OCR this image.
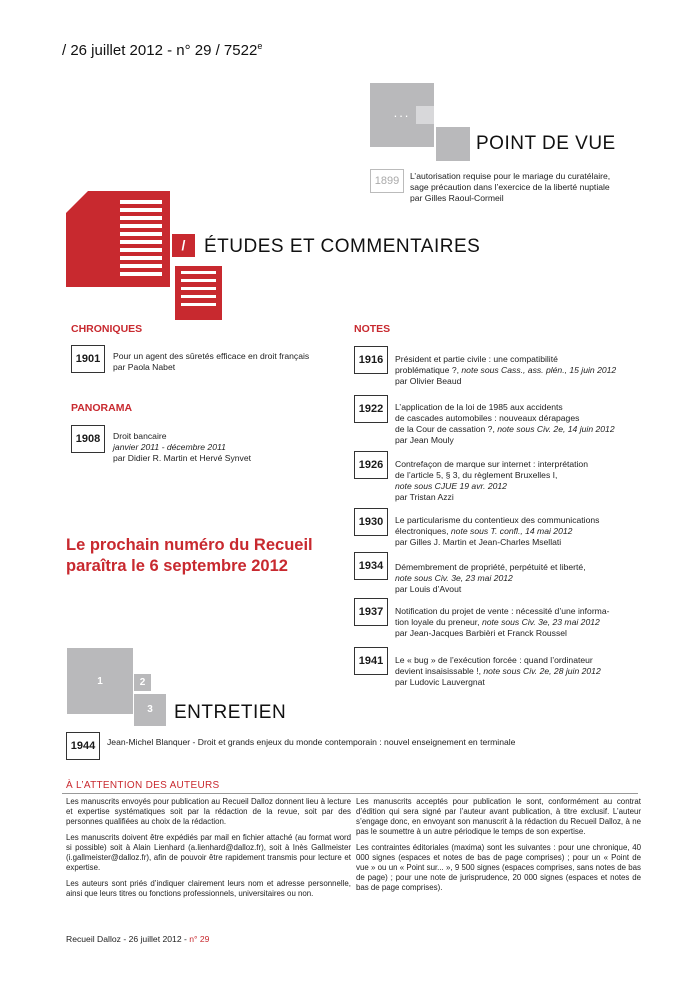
/ 26 juillet 2012 - n° 29 / 7522e
...
POINT DE VUE
1899	L’autorisation requise pour le mariage du curatélaire,
sage précaution dans l’exercice de la liberté nuptiale
par Gilles Raoul-Cormeil
/ ÉTUDES ET COMMENTAIRES
CHRONIQUES
1901	Pour un agent des sûretés efficace en droit français
par Paola Nabet
PANORAMA
1908	Droit bancaire
janvier 2011 - décembre 2011
par Didier R. Martin et Hervé Synvet
Le prochain numéro du Recueil
paraîtra le 6 septembre 2012
NOTES
1916	Président et partie civile : une compatibilité
problématique ?, note sous Cass., ass. plén., 15 juin 2012
par Olivier Beaud
1922	L’application de la loi de 1985 aux accidents
de cascades automobiles : nouveaux dérapages
de la Cour de cassation ?, note sous Civ. 2e, 14 juin 2012
par Jean Mouly
1926	Contrefaçon de marque sur internet : interprétation
de l’article 5, § 3, du règlement Bruxelles I,
note sous CJUE 19 avr. 2012
par Tristan Azzi
1930	Le particularisme du contentieux des communications
électroniques, note sous T. confl., 14 mai 2012
par Gilles J. Martin et Jean-Charles Msellati
1934	Démembrement de propriété, perpétuité et liberté,
note sous Civ. 3e, 23 mai 2012
par Louis d’Avout
1937	Notification du projet de vente : nécessité d’une informa-
tion loyale du preneur, note sous Civ. 3e, 23 mai 2012
par Jean-Jacques Barbièri et Franck Roussel
1941	Le « bug » de l’exécution forcée : quand l’ordinateur
devient insaisissable !, note sous Civ. 2e, 28 juin 2012
par Ludovic Lauvergnat
1	2
3	ENTRETIEN
1944	Jean-Michel Blanquer - Droit et grands enjeux du monde contemporain : nouvel enseignement en terminale
À L’ATTENTION DES AUTEURS

Les manuscrits envoyés pour publication au Recueil Dalloz donnent lieu à lecture et expertise systématiques soit par la rédaction de la revue, soit par des personnes qualifiées au choix de la rédaction.

Les manuscrits doivent être expédiés par mail en fichier attaché (au format word si possible) soit à Alain Lienhard (a.lienhard@dalloz.fr), soit à Inès Gallmeister (i.gallmeister@dalloz.fr), afin de pouvoir être rapidement transmis pour lecture et expertise.

Les auteurs sont priés d’indiquer clairement leurs nom et adresse personnelle, ainsi que leurs titres ou fonctions professionnels, universitaires ou non.

Les manuscrits acceptés pour publication le sont, conformément au contrat d’édition qui sera signé par l’auteur avant publication, à titre exclusif. L’auteur s’engage donc, en envoyant son manuscrit à la rédaction du Recueil Dalloz, à ne pas le soumettre à un autre périodique le temps de son expertise.

Les contraintes éditoriales (maxima) sont les suivantes : pour une chronique, 40 000 signes (espaces et notes de bas de page comprises) ; pour un « Point de vue » ou un « Point sur... », 9 500 signes (espaces comprises, sans notes de bas de page) ; pour une note de jurisprudence, 20 000 signes (espaces et notes de bas de page comprises).

Recueil Dalloz - 26 juillet 2012 - n° 29
